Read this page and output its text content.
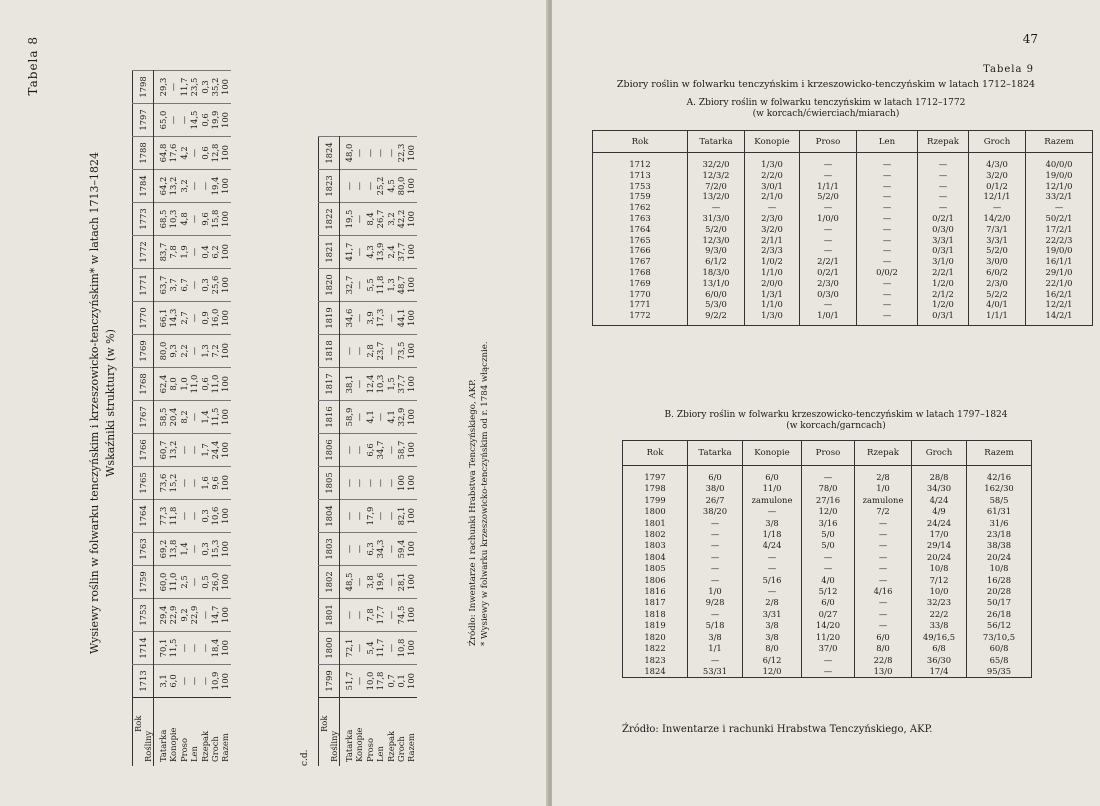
Tabela 8
Wysiewy roślin w folwarku tenczyńskim i krzeszowicko-tenczyńskim* w latach 1713–1824 Wskaźniki struktury (w %)
Rok
Rośliny	1713	1714	1753	1759	1763	1764	1765	1766	1767	1768	1769	1770	1771	1772	1773	1784	1788	1797	1798
Tatarka	3,1	70,1	29,4	60,0	69,2	77,3	73,6	60,7	58,5	62,4	80,0	66,1	63,7	83,7	68,5	64,2	64,8	65,0	29,3
Konopie	6,0	11,5	22,9	11,0	13,8	11,8	15,2	13,2	20,4	8,0	9,3	14,3	3,7	7,8	10,3	13,2	17,6	—	—
Proso	—	—	9,2	2,5	1,4	—	—	—	8,2	1,0	2,2	2,7	6,7	1,9	4,8	3,2	4,2	—	11,7
Len	—	—	22,9	—	—	—	—	—	—	11,0	—	—	—	—	—	—	—	14,5	23,5
Rzepak	—	—	—	0,5	0,3	0,3	1,6	1,7	1,4	0,6	1,3	0,9	0,3	0,4	9,6	—	0,6	0,6	0,3
Groch	10,9	18,4	14,7	26,0	15,3	10,6	9,6	24,4	11,5	11,0	7,2	16,0	25,6	6,2	15,8	19,4	12,8	19,9	35,2
Razem	100	100	100	100	100	100	100	100	100	100	100	100	100	100	100	100	100	100	100
c.d.
Rok
Rośliny	1799	1800	1801	1802	1803	1804	1805	1806	1816	1817	1818	1819	1820	1821	1822	1823	1824
Tatarka	51,7	72,1	—	48,5	—	—	—	—	58,9	38,1	—	34,6	32,7	41,7	19,5	—	48,0
Konopie	—	—	—	—	—	—	—	—	—	—	—	—	—	—	—	—	—
Proso	10,0	5,4	7,8	3,8	6,3	17,9	—	6,6	4,1	12,4	2,8	3,9	5,5	4,3	8,4	—	—
Len	17,8	11,7	17,7	19,6	34,3	—	—	34,7	—	10,3	23,7	17,3	11,8	13,9	26,7	25,2	—
Rzepak	0,7	—	—	—	—	—	—	—	4,1	1,5	—	—	1,3	2,4	3,2	4,5	—
Groch	0,1	10,8	74,5	28,1	59,4	82,1	100	58,7	32,9	37,7	73,5	44,1	48,7	37,7	42,2	80,0	22,3
Razem	100	100	100	100	100	100	100	100	100	100	100	100	100	100	100	100	100
Źródło: Inwentarze i rachunki Hrabstwa Tenczyńskiego, AKP. * Wysiewy w folwarku krzeszowicko-tenczyńskim od r. 1784 włącznie.
47
Tabela 9
Zbiory roślin w folwarku tenczyńskim i krzeszowicko-tenczyńskim w latach 1712–1824
A. Zbiory roślin w folwarku tenczyńskim w latach 1712–1772
(w korcach/ćwierciach/miarach)
Rok	Tatarka	Konopie	Proso	Len	Rzepak	Groch	Razem
1712	32/2/0	1/3/0	—	—	—	4/3/0	40/0/0
1713	12/3/2	2/2/0	—	—	—	3/2/0	19/0/0
1753	7/2/0	3/0/1	1/1/1	—	—	0/1/2	12/1/0
1759	13/2/0	2/1/0	5/2/0	—	—	12/1/1	33/2/1
1762	—	—	—	—	—	—	—
1763	31/3/0	2/3/0	1/0/0	—	0/2/1	14/2/0	50/2/1
1764	5/2/0	3/2/0	—	—	0/3/0	7/3/1	17/2/1
1765	12/3/0	2/1/1	—	—	3/3/1	3/3/1	22/2/3
1766	9/3/0	2/3/3	—	—	0/3/1	5/2/0	19/0/0
1767	6/1/2	1/0/2	2/2/1	—	3/1/0	3/0/0	16/1/1
1768	18/3/0	1/1/0	0/2/1	0/0/2	2/2/1	6/0/2	29/1/0
1769	13/1/0	2/0/0	2/3/0	—	1/2/0	2/3/0	22/1/0
1770	6/0/0	1/3/1	0/3/0	—	2/1/2	5/2/2	16/2/1
1771	5/3/0	1/1/0	—	—	1/2/0	4/0/1	12/2/1
1772	9/2/2	1/3/0	1/0/1	—	0/3/1	1/1/1	14/2/1
B. Zbiory roślin w folwarku krzeszowicko-tenczyńskim w latach 1797–1824
(w korcach/garncach)
Rok	Tatarka	Konopie	Proso	Rzepak	Groch	Razem
1797	6/0	6/0	—	2/8	28/8	42/16
1798	38/0	11/0	78/0	1/0	34/30	162/30
1799	26/7	zamulone	27/16	zamulone	4/24	58/5
1800	38/20	—	12/0	7/2	4/9	61/31
1801	—	3/8	3/16	—	24/24	31/6
1802	—	1/18	5/0	—	17/0	23/18
1803	—	4/24	5/0	—	29/14	38/38
1804	—	—	—	—	20/24	20/24
1805	—	—	—	—	10/8	10/8
1806	—	5/16	4/0	—	7/12	16/28
1816	1/0	—	5/12	4/16	10/0	20/28
1817	9/28	2/8	6/0	—	32/23	50/17
1818	—	3/31	0/27	—	22/2	26/18
1819	5/18	3/8	14/20	—	33/8	56/12
1820	3/8	3/8	11/20	6/0	49/16,5	73/10,5
1822	1/1	8/0	37/0	8/0	6/8	60/8
1823	—	6/12	—	22/8	36/30	65/8
1824	53/31	12/0	—	13/0	17/4	95/35
Źródło: Inwentarze i rachunki Hrabstwa Tenczyńskiego, AKP.
